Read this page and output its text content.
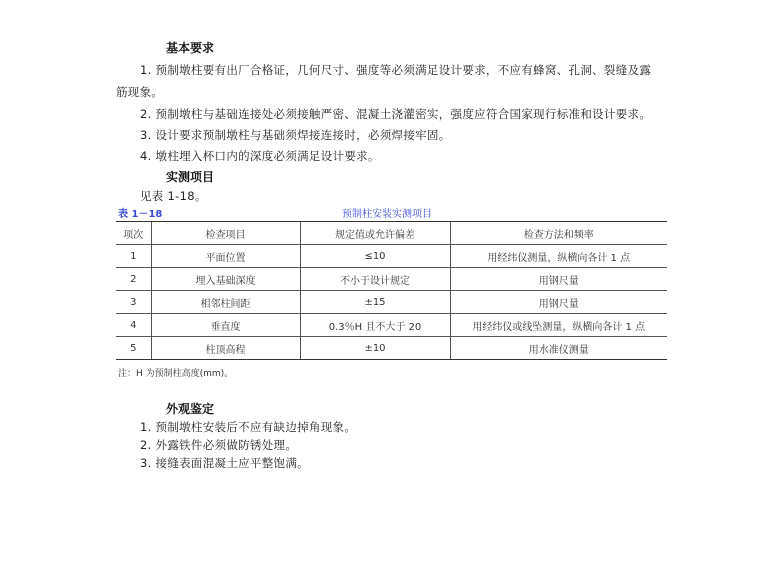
基本要求
1. 预制墩柱要有出厂合格证，几何尺寸、强度等必须满足设计要求，不应有蜂窝、孔洞、裂缝及露
筋现象。
2. 预制墩柱与基础连接处必须接触严密、混凝土浇灌密实，强度应符合国家现行标准和设计要求。
3. 设计要求预制墩柱与基础须焊接连接时，必须焊接牢固。
4. 墩柱埋入杯口内的深度必须满足设计要求。
实测项目
见表 1-18。
表 1－18	预制柱安装实测项目
项次	检查项目	规定值或允许偏差	检查方法和频率
1	平面位置	≤10	用经纬仪测量，纵横向各计 1 点
2	埋入基础深度	不小于设计规定	用钢尺量
3	相邻柱间距	±15	用钢尺量
4	垂直度	0.3％H 且不大于 20	用经纬仪或线坠测量，纵横向各计 1 点
5	柱顶高程	±10	用水准仪测量
注：H 为预制柱高度(mm)。
外观鉴定
1. 预制墩柱安装后不应有缺边掉角现象。
2. 外露铁件必须做防锈处理。
3. 接缝表面混凝土应平整饱满。
